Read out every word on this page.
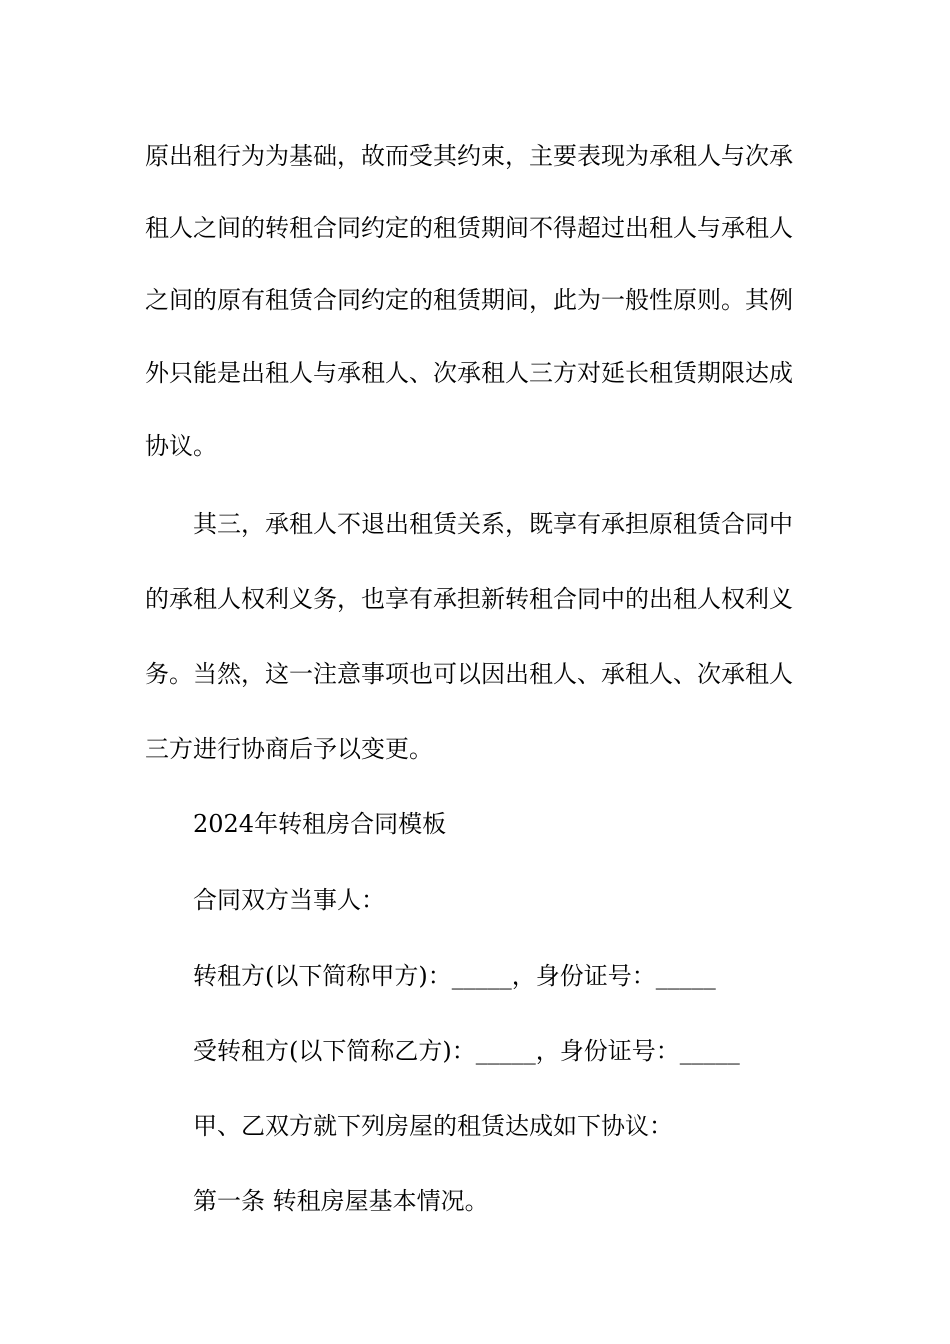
原出租行为为基础，故而受其约束，主要表现为承租人与次承
租人之间的转租合同约定的租赁期间不得超过出租人与承租人
之间的原有租赁合同约定的租赁期间，此为一般性原则。其例
外只能是出租人与承租人、次承租人三方对延长租赁期限达成
协议。
其三，承租人不退出租赁关系，既享有承担原租赁合同中
的承租人权利义务，也享有承担新转租合同中的出租人权利义
务。当然，这一注意事项也可以因出租人、承租人、次承租人
三方进行协商后予以变更。
2024年转租房合同模板
合同双方当事人：
转租方(以下简称甲方)：_____，身份证号：_____
受转租方(以下简称乙方)：_____，身份证号：_____
甲、乙双方就下列房屋的租赁达成如下协议：
第一条 转租房屋基本情况。
